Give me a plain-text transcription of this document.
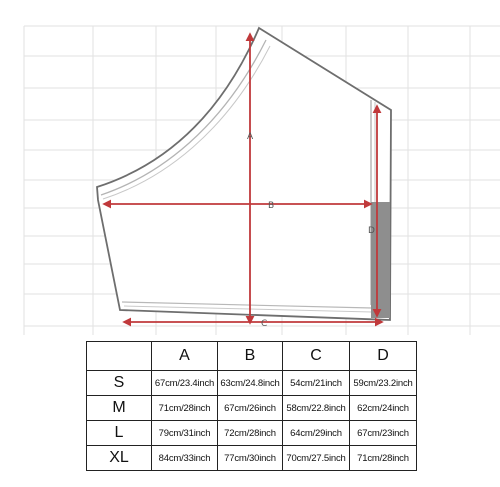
A
B
C
D
	A	B	C	D
S	67cm/23.4inch	63cm/24.8inch	54cm/21inch	59cm/23.2inch
M	71cm/28inch	67cm/26inch	58cm/22.8inch	62cm/24inch
L	79cm/31inch	72cm/28inch	64cm/29inch	67cm/23inch
XL	84cm/33inch	77cm/30inch	70cm/27.5inch	71cm/28inch
